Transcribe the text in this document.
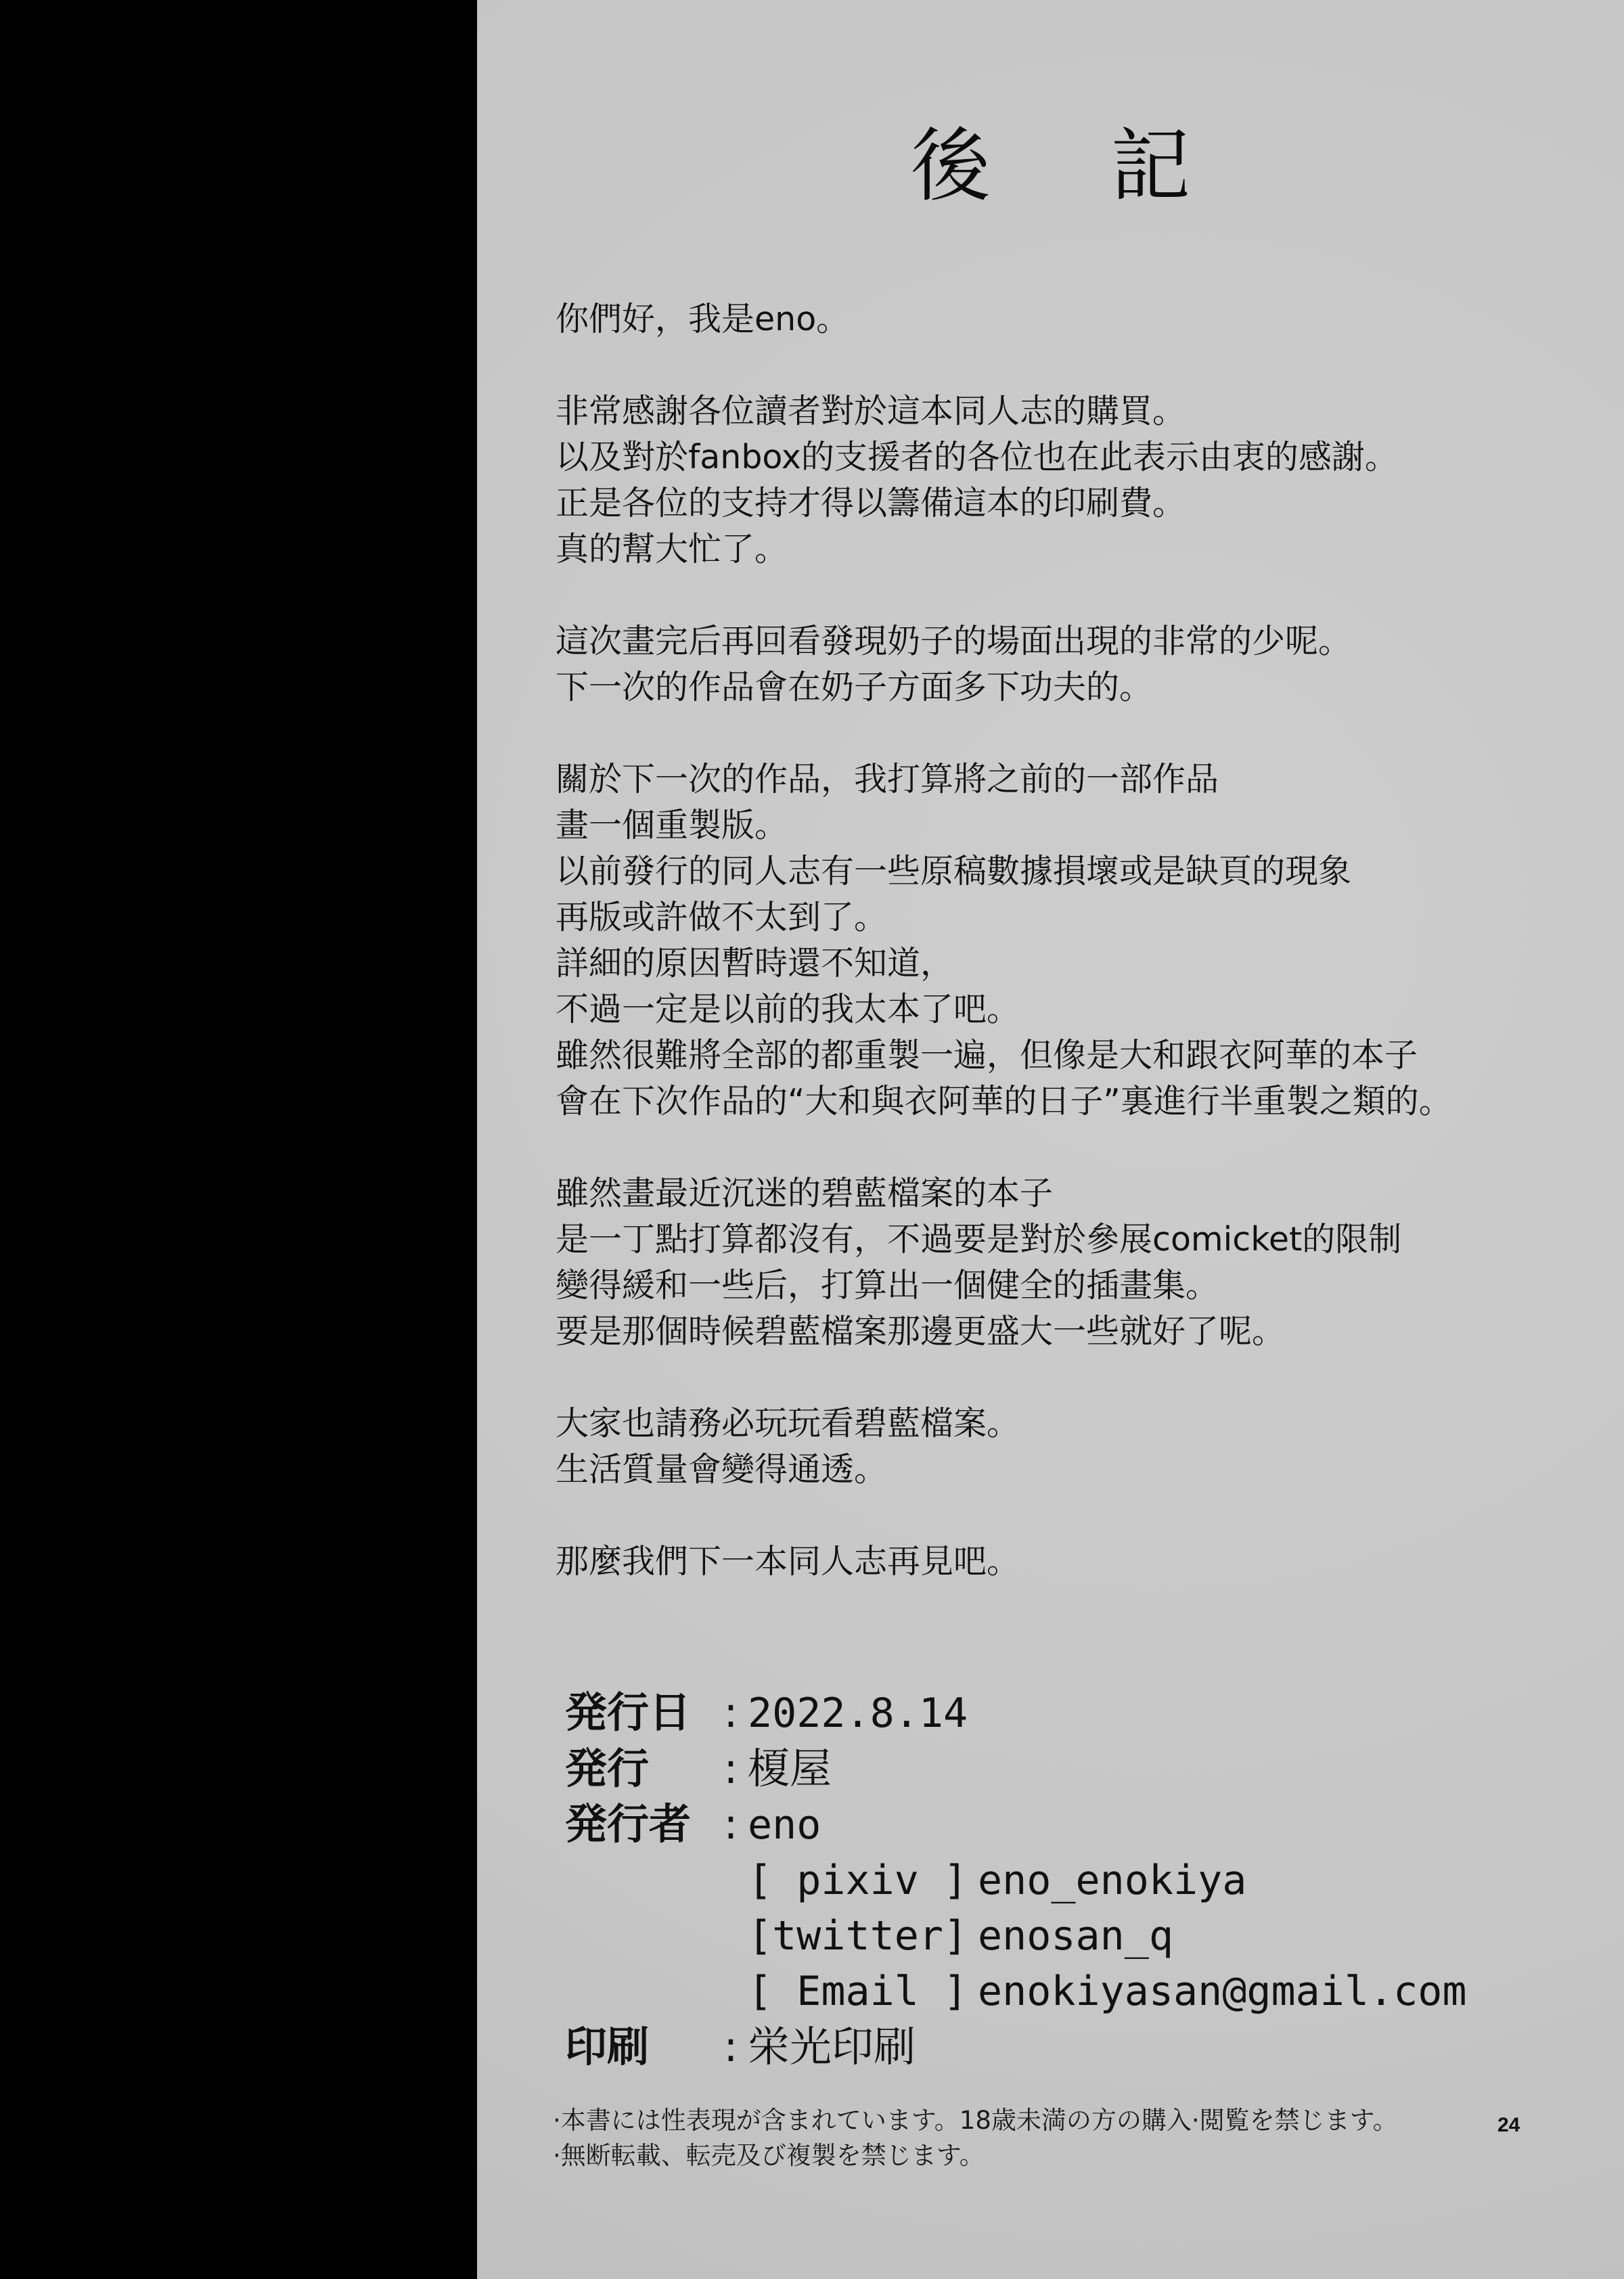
後 記
你們好，我是eno。
非常感謝各位讀者對於這本同人志的購買。
以及對於fanbox的支援者的各位也在此表示由衷的感謝。
正是各位的支持才得以籌備這本的印刷費。
真的幫大忙了。
這次畫完后再回看發現奶子的場面出現的非常的少呢。
下一次的作品會在奶子方面多下功夫的。
關於下一次的作品，我打算將之前的一部作品
畫一個重製版。
以前發行的同人志有一些原稿數據損壞或是缺頁的現象
再版或許做不太到了。
詳細的原因暫時還不知道，
不過一定是以前的我太本了吧。
雖然很難將全部的都重製一遍，但像是大和跟衣阿華的本子
會在下次作品的“大和與衣阿華的日子”裏進行半重製之類的。
雖然畫最近沉迷的碧藍檔案的本子
是一丁點打算都沒有，不過要是對於參展comicket的限制
變得緩和一些后，打算出一個健全的插畫集。
要是那個時候碧藍檔案那邊更盛大一些就好了呢。
大家也請務必玩玩看碧藍檔案。
生活質量會變得通透。
那麼我們下一本同人志再見吧。
発行日 : 2022.8.14
発行	: 榎屋
発行者 : eno
[ pixiv ] eno_enokiya
[twitter] enosan_q
[ Email ] enokiyasan@gmail.com
印刷	: 栄光印刷
·本書には性表現が含まれています。18歳未満の方の購入·閲覧を禁じます。
·無断転載、転売及び複製を禁じます。
24
